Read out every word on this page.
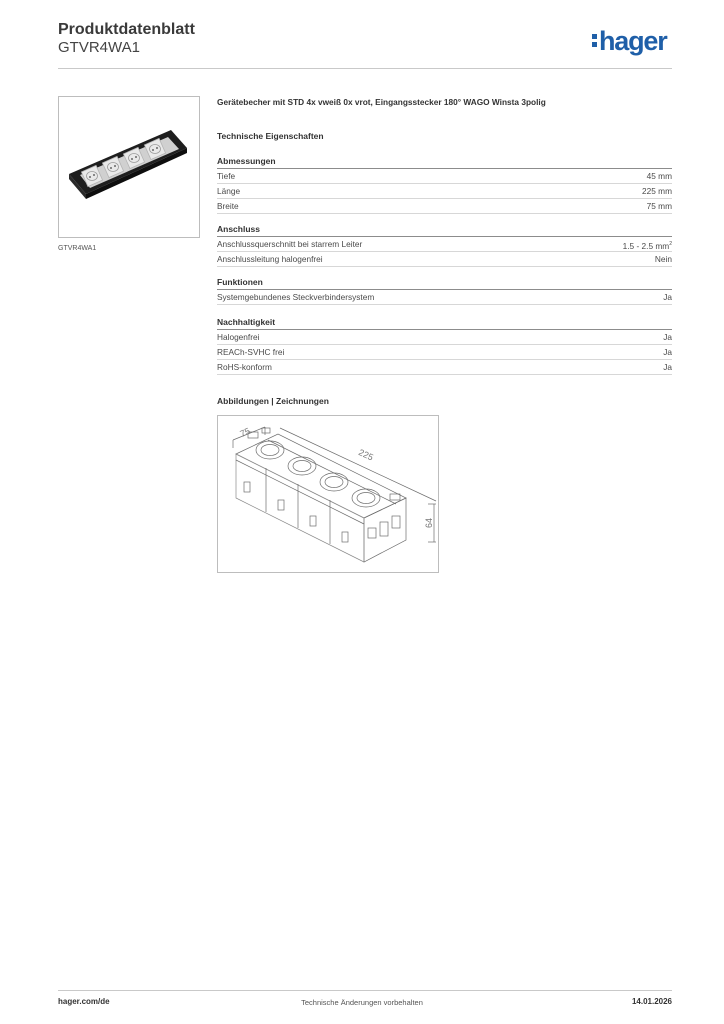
Produktdatenblatt
GTVR4WA1	hager
GTVR4WA1
Gerätebecher mit STD 4x vweiß 0x vrot, Eingangsstecker 180° WAGO Winsta 3polig
Technische Eigenschaften
Abmessungen
Tiefe	45 mm
Länge	225 mm
Breite	75 mm
Anschluss
Anschlussquerschnitt bei starrem Leiter	1.5 - 2.5 $mm^2$
Anschlussleitung halogenfrei	Nein
Funktionen
Systemgebundenes Steckverbindersystem	Ja
Nachhaltigkeit
Halogenfrei	Ja
REACh-SVHC frei	Ja
RoHS-konform	Ja
Abbildungen | Zeichnungen
75
225
64
hager.com/de	Technische Änderungen vorbehalten	14.01.2026
